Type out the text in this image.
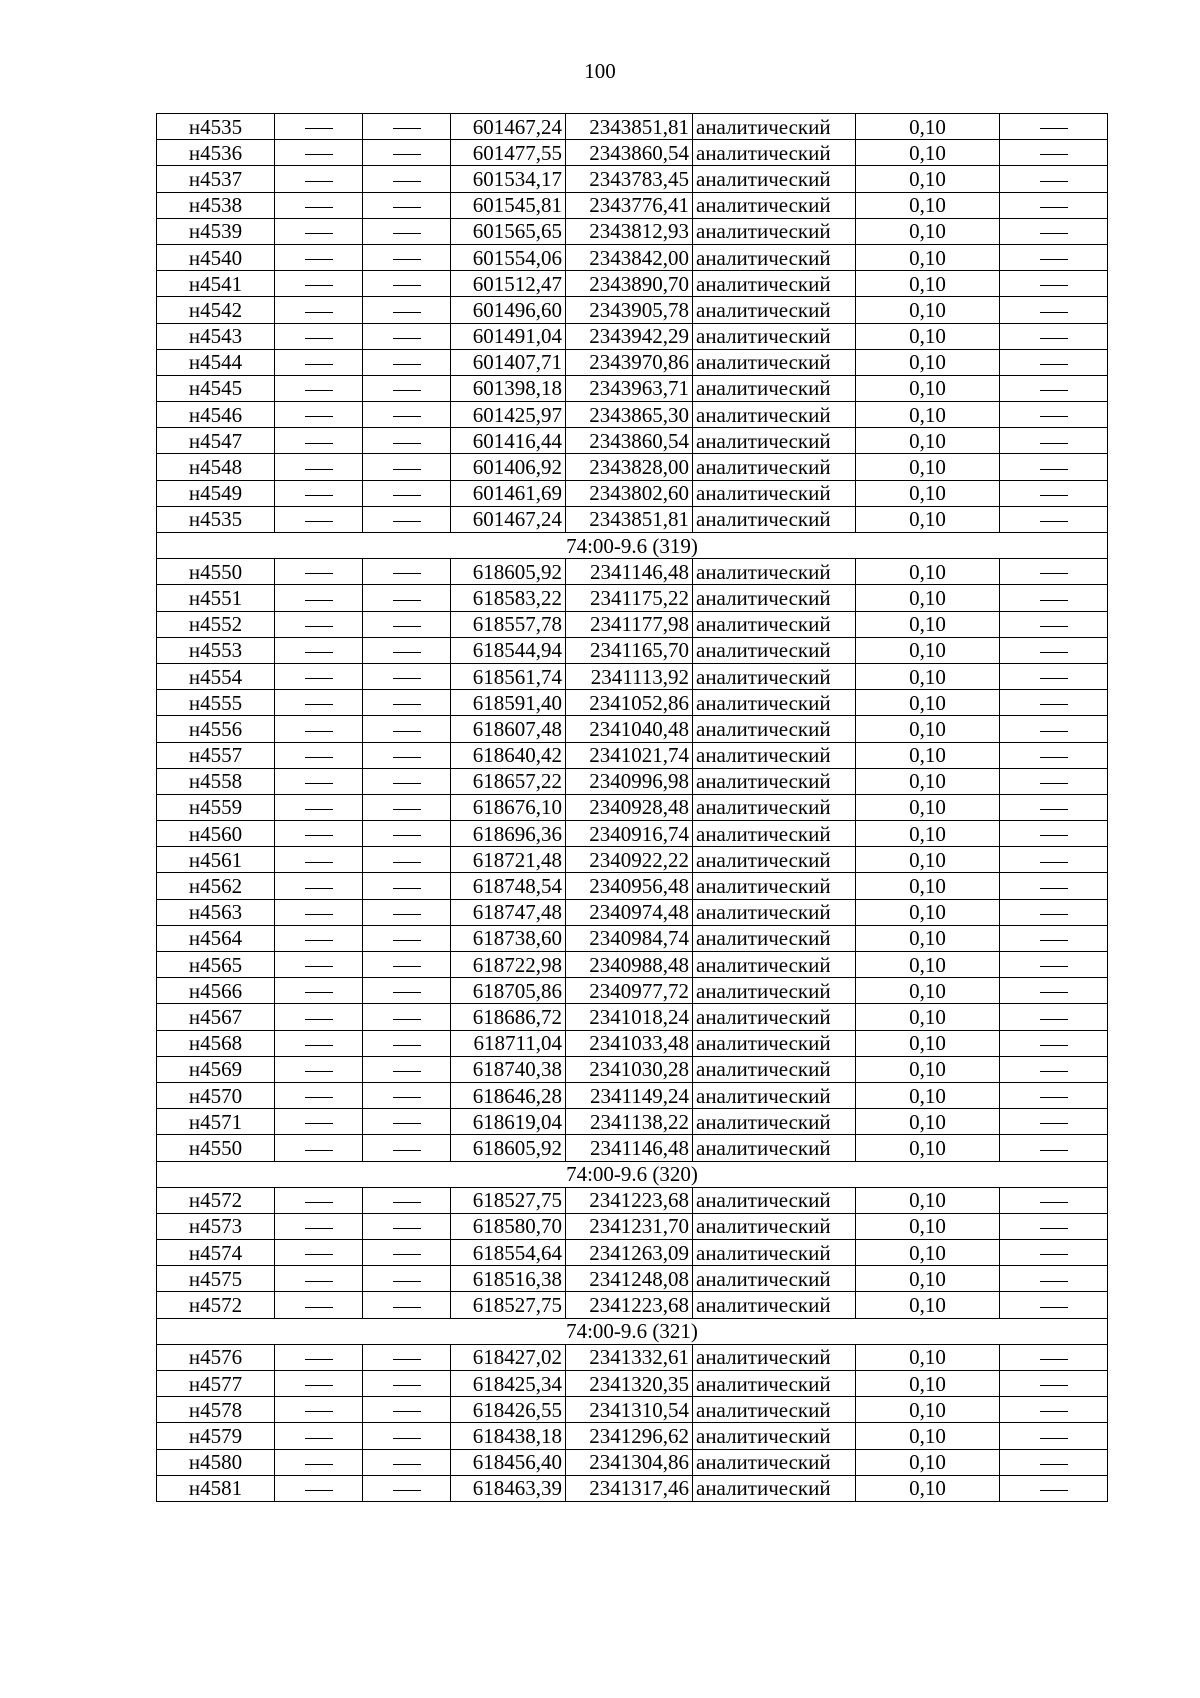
100
н4535			601467,24	2343851,81	аналитический	0,10	
н4536			601477,55	2343860,54	аналитический	0,10	
н4537			601534,17	2343783,45	аналитический	0,10	
н4538			601545,81	2343776,41	аналитический	0,10	
н4539			601565,65	2343812,93	аналитический	0,10	
н4540			601554,06	2343842,00	аналитический	0,10	
н4541			601512,47	2343890,70	аналитический	0,10	
н4542			601496,60	2343905,78	аналитический	0,10	
н4543			601491,04	2343942,29	аналитический	0,10	
н4544			601407,71	2343970,86	аналитический	0,10	
н4545			601398,18	2343963,71	аналитический	0,10	
н4546			601425,97	2343865,30	аналитический	0,10	
н4547			601416,44	2343860,54	аналитический	0,10	
н4548			601406,92	2343828,00	аналитический	0,10	
н4549			601461,69	2343802,60	аналитический	0,10	
н4535			601467,24	2343851,81	аналитический	0,10	
74:00-9.6 (319)							
н4550			618605,92	2341146,48	аналитический	0,10	
н4551			618583,22	2341175,22	аналитический	0,10	
н4552			618557,78	2341177,98	аналитический	0,10	
н4553			618544,94	2341165,70	аналитический	0,10	
н4554			618561,74	2341113,92	аналитический	0,10	
н4555			618591,40	2341052,86	аналитический	0,10	
н4556			618607,48	2341040,48	аналитический	0,10	
н4557			618640,42	2341021,74	аналитический	0,10	
н4558			618657,22	2340996,98	аналитический	0,10	
н4559			618676,10	2340928,48	аналитический	0,10	
н4560			618696,36	2340916,74	аналитический	0,10	
н4561			618721,48	2340922,22	аналитический	0,10	
н4562			618748,54	2340956,48	аналитический	0,10	
н4563			618747,48	2340974,48	аналитический	0,10	
н4564			618738,60	2340984,74	аналитический	0,10	
н4565			618722,98	2340988,48	аналитический	0,10	
н4566			618705,86	2340977,72	аналитический	0,10	
н4567			618686,72	2341018,24	аналитический	0,10	
н4568			618711,04	2341033,48	аналитический	0,10	
н4569			618740,38	2341030,28	аналитический	0,10	
н4570			618646,28	2341149,24	аналитический	0,10	
н4571			618619,04	2341138,22	аналитический	0,10	
н4550			618605,92	2341146,48	аналитический	0,10	
74:00-9.6 (320)							
н4572			618527,75	2341223,68	аналитический	0,10	
н4573			618580,70	2341231,70	аналитический	0,10	
н4574			618554,64	2341263,09	аналитический	0,10	
н4575			618516,38	2341248,08	аналитический	0,10	
н4572			618527,75	2341223,68	аналитический	0,10	
74:00-9.6 (321)							
н4576			618427,02	2341332,61	аналитический	0,10	
н4577			618425,34	2341320,35	аналитический	0,10	
н4578			618426,55	2341310,54	аналитический	0,10	
н4579			618438,18	2341296,62	аналитический	0,10	
н4580			618456,40	2341304,86	аналитический	0,10	
н4581			618463,39	2341317,46	аналитический	0,10	
